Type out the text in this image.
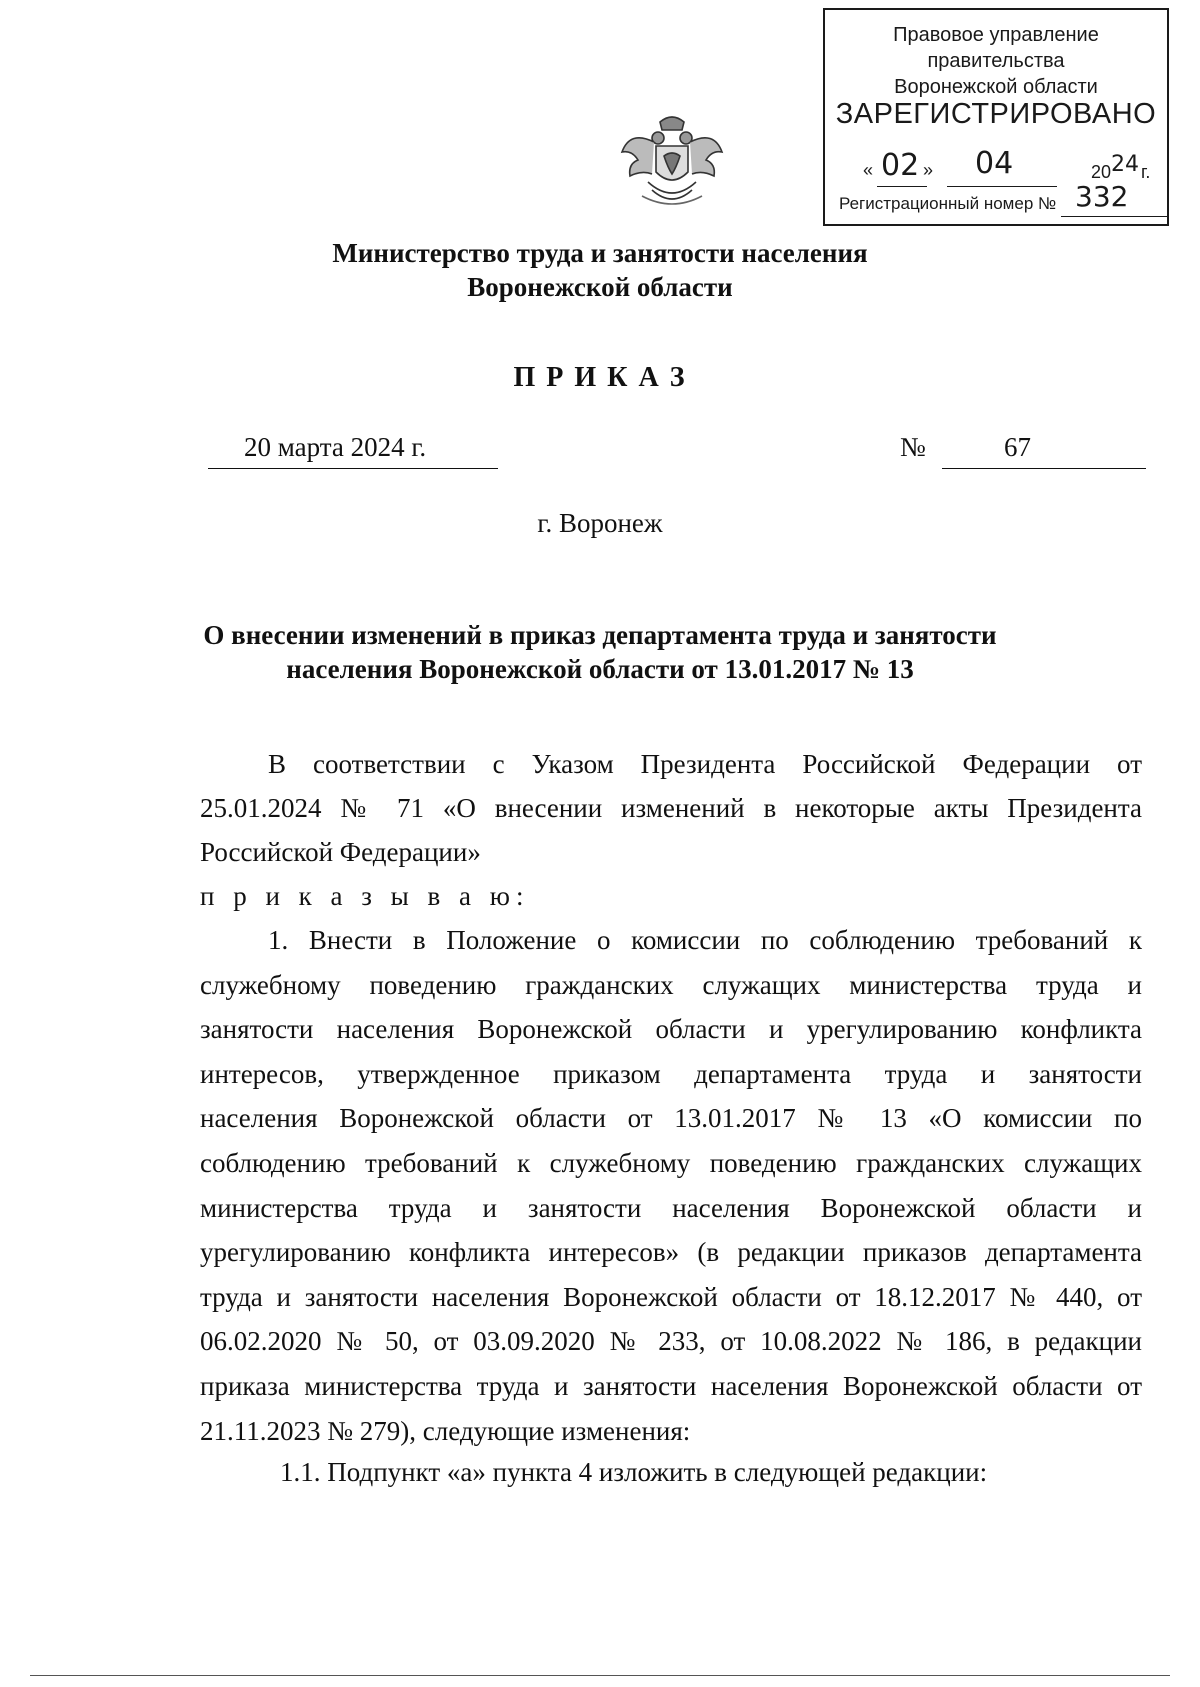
Правовое управление правительства
Воронежской области
ЗАРЕГИСТРИРОВАНО
« 02 » 04	20 24 г.
Регистрационный номер № 332
Министерство труда и занятости населения
Воронежской области
П Р И К А З
20 марта 2024 г.	№	67
г. Воронеж
О внесении изменений в приказ департамента труда и занятости
населения Воронежской области от 13.01.2017 № 13
В соответствии с Указом Президента Российской Федерации от
25.01.2024 № 71 «О внесении изменений в некоторые акты Президента
Российской Федерации»
п р и к а з ы в а ю:
1. Внести в Положение о комиссии по соблюдению требований к
служебному поведению гражданских служащих министерства труда и
занятости населения Воронежской области и урегулированию конфликта
интересов, утвержденное приказом департамента труда и занятости
населения Воронежской области от 13.01.2017 № 13 «О комиссии по
соблюдению требований к служебному поведению гражданских служащих
министерства труда и занятости населения Воронежской области и
урегулированию конфликта интересов» (в редакции приказов департамента
труда и занятости населения Воронежской области от 18.12.2017 № 440, от
06.02.2020 № 50, от 03.09.2020 № 233, от 10.08.2022 № 186, в редакции
приказа министерства труда и занятости населения Воронежской области от
21.11.2023 № 279), следующие изменения:
1.1. Подпункт «а» пункта 4 изложить в следующей редакции:
